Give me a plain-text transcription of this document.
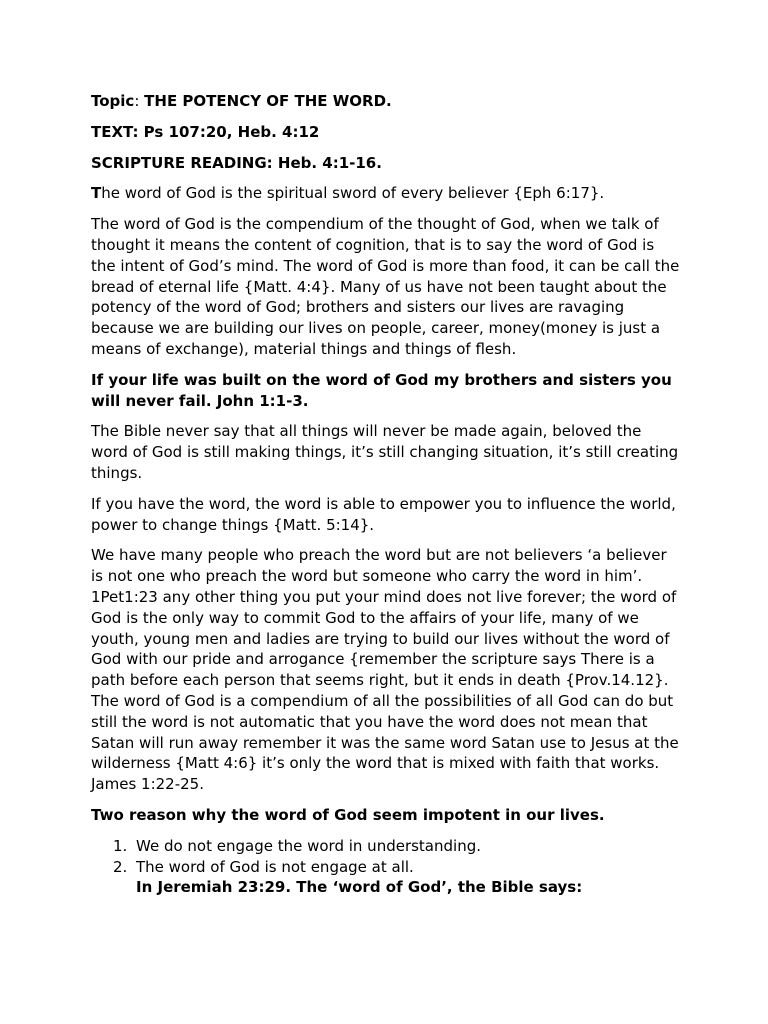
Topic: THE POTENCY OF THE WORD.

TEXT: Ps 107:20, Heb. 4:12

SCRIPTURE READING: Heb. 4:1-16.

The word of God is the spiritual sword of every believer {Eph 6:17}.

The word of God is the compendium of the thought of God, when we talk of thought it means the content of cognition, that is to say the word of God is the intent of God’s mind. The word of God is more than food, it can be call the bread of eternal life {Matt. 4:4}. Many of us have not been taught about the potency of the word of God; brothers and sisters our lives are ravaging because we are building our lives on people, career, money(money is just a means of exchange), material things and things of flesh.

If your life was built on the word of God my brothers and sisters you will never fail. John 1:1-3.

The Bible never say that all things will never be made again, beloved the word of God is still making things, it’s still changing situation, it’s still creating things.

If you have the word, the word is able to empower you to influence the world, power to change things {Matt. 5:14}.

We have many people who preach the word but are not believers ‘a believer is not one who preach the word but someone who carry the word in him’. 1Pet1:23 any other thing you put your mind does not live forever; the word of God is the only way to commit God to the affairs of your life, many of we youth, young men and ladies are trying to build our lives without the word of God with our pride and arrogance {remember the scripture says There is a path before each person that seems right, but it ends in death {Prov.14.12}. The word of God is a compendium of all the possibilities of all God can do but still the word is not automatic that you have the word does not mean that Satan will run away remember it was the same word Satan use to Jesus at the wilderness {Matt 4:6} it’s only the word that is mixed with faith that works. James 1:22-25.

Two reason why the word of God seem impotent in our lives.

1. We do not engage the word in understanding.
2. The word of God is not engage at all.

In Jeremiah 23:29. The ‘word of God’, the Bible says:
